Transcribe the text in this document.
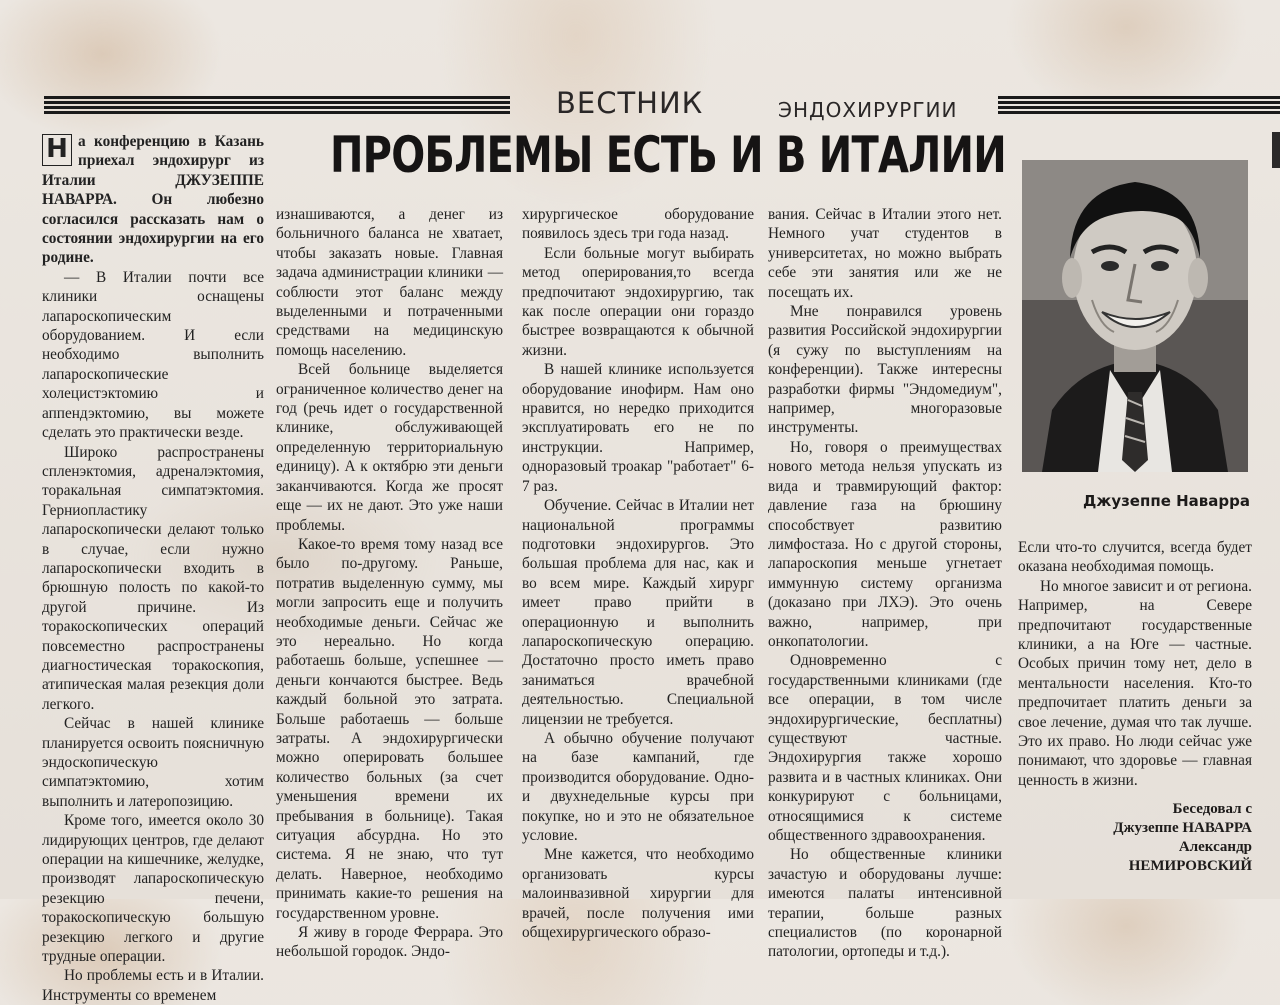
ВЕСТНИК	ЭНДОХИРУРГИИ
ПРОБЛЕМЫ ЕСТЬ И В ИТАЛИИ

Н а конференцию в Казань приехал эндохирург из Италии ДЖУЗЕППЕ НАВАРРА. Он любезно согласился рассказать нам о состоянии эндохирургии на его родине.

— В Италии почти все клиники оснащены лапароскопическим оборудованием. И если необходимо выполнить лапароскопические холецистэктомию и аппендэктомию, вы можете сделать это практически везде.

Широко распространены спленэктомия, адреналэктомия, торакальная симпатэктомия. Герниопластику лапароскопически делают только в случае, если нужно лапароскопически входить в брюшную полость по какой-то другой причине. Из торакоскопических операций повсеместно распространены диагностическая торакоскопия, атипическая малая резекция доли легкого.

Сейчас в нашей клинике планируется освоить поясничную эндоскопическую симпатэктомию, хотим выполнить и латеропозицию.

Кроме того, имеется около 30 лидирующих центров, где делают операции на кишечнике, желудке, производят лапароскопическую резекцию печени, торакоскопическую большую резекцию легкого и другие трудные операции.

Но проблемы есть и в Италии. Инструменты со временем

изнашиваются, а денег из больничного баланса не хватает, чтобы заказать новые. Главная задача администрации клиники — соблюсти этот баланс между выделенными и потраченными средствами на медицинскую помощь населению.

Всей больнице выделяется ограниченное количество денег на год (речь идет о государственной клинике, обслуживающей определенную территориальную единицу). А к октябрю эти деньги заканчиваются. Когда же просят еще — их не дают. Это уже наши проблемы.

Какое-то время тому назад все было по-другому. Раньше, потратив выделенную сумму, мы могли запросить еще и получить необходимые деньги. Сейчас же это нереально. Но когда работаешь больше, успешнее — деньги кончаются быстрее. Ведь каждый больной это затрата. Больше работаешь — больше затраты. А эндохирургически можно оперировать большее количество больных (за счет уменьшения времени их пребывания в больнице). Такая ситуация абсурдна. Но это система. Я не знаю, что тут делать. Наверное, необходимо принимать какие-то решения на государственном уровне.

Я живу в городе Феррара. Это небольшой городок. Эндо-

хирургическое оборудование появилось здесь три года назад.

Если больные могут выбирать метод оперирования,то всегда предпочитают эндохирургию, так как после операции они гораздо быстрее возвращаются к обычной жизни.

В нашей клинике используется оборудование инофирм. Нам оно нравится, но нередко приходится эксплуатировать его не по инструкции. Например, одноразовый троакар "работает" 6-7 раз.

Обучение. Сейчас в Италии нет национальной программы подготовки эндохирургов. Это большая проблема для нас, как и во всем мире. Каждый хирург имеет право прийти в операционную и выполнить лапароскопическую операцию. Достаточно просто иметь право заниматься врачебной деятельностью. Специальной лицензии не требуется.

А обычно обучение получают на базе кампаний, где производится оборудование. Одно- и двухнедельные курсы при покупке, но и это не обязательное условие.

Мне кажется, что необходимо организовать курсы малоинвазивной хирургии для врачей, после получения ими общехирургического образо-

вания. Сейчас в Италии этого нет. Немного учат студентов в университетах, но можно выбрать себе эти занятия или же не посещать их.

Мне понравился уровень развития Российской эндохирургии (я сужу по выступлениям на конференции). Также интересны разработки фирмы "Эндомедиум", например, многоразовые инструменты.

Но, говоря о преимуществах нового метода нельзя упускать из вида и травмирующий фактор: давление газа на брюшину способствует развитию лимфостаза. Но с другой стороны, лапароскопия меньше угнетает иммунную систему организма (доказано при ЛХЭ). Это очень важно, например, при онкопатологии.

Одновременно с государственными клиниками (где все операции, в том числе эндохирургические, бесплатны) существуют частные. Эндохирургия также хорошо развита и в частных клиниках. Они конкурируют с больницами, относящимися к системе общественного здравоохранения.

Но общественные клиники зачастую и оборудованы лучше: имеются палаты интенсивной терапии, больше разных специалистов (по коронарной патологии, ортопеды и т.д.).

Джузеппе Наварра

Если что-то случится, всегда будет оказана необходимая помощь.

Но многое зависит и от региона. Например, на Севере предпочитают государственные клиники, а на Юге — частные. Особых причин тому нет, дело в ментальности населения. Кто-то предпочитает платить деньги за свое лечение, думая что так лучше. Это их право. Но люди сейчас уже понимают, что здоровье — главная ценность в жизни.

Беседовал с
Джузеппе НАВАРРА
Александр
НЕМИРОВСКИЙ
